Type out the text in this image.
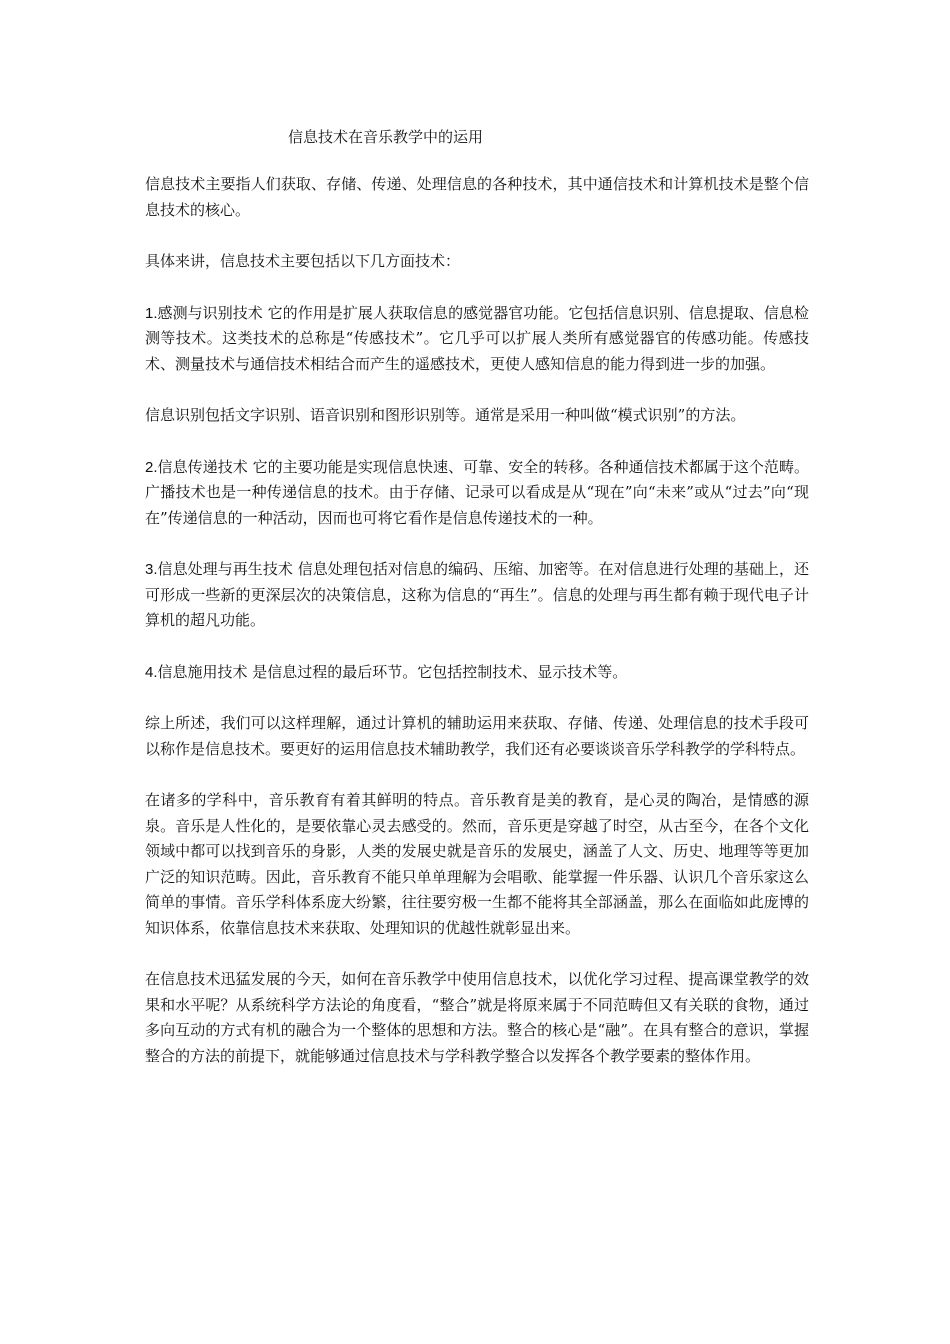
信息技术在音乐教学中的运用

信息技术主要指人们获取、存储、传递、处理信息的各种技术，其中通信技术和计算机技术是整个信息技术的核心。

具体来讲，信息技术主要包括以下几方面技术：

1.感测与识别技术 它的作用是扩展人获取信息的感觉器官功能。它包括信息识别、信息提取、信息检测等技术。这类技术的总称是“传感技术”。它几乎可以扩展人类所有感觉器官的传感功能。传感技术、测量技术与通信技术相结合而产生的遥感技术，更使人感知信息的能力得到进一步的加强。

信息识别包括文字识别、语音识别和图形识别等。通常是采用一种叫做“模式识别”的方法。

2.信息传递技术 它的主要功能是实现信息快速、可靠、安全的转移。各种通信技术都属于这个范畴。广播技术也是一种传递信息的技术。由于存储、记录可以看成是从“现在”向“未来”或从“过去”向“现在”传递信息的一种活动，因而也可将它看作是信息传递技术的一种。

3.信息处理与再生技术 信息处理包括对信息的编码、压缩、加密等。在对信息进行处理的基础上，还可形成一些新的更深层次的决策信息，这称为信息的“再生”。信息的处理与再生都有赖于现代电子计算机的超凡功能。

4.信息施用技术 是信息过程的最后环节。它包括控制技术、显示技术等。

综上所述，我们可以这样理解，通过计算机的辅助运用来获取、存储、传递、处理信息的技术手段可以称作是信息技术。要更好的运用信息技术辅助教学，我们还有必要谈谈音乐学科教学的学科特点。

在诸多的学科中，音乐教育有着其鲜明的特点。音乐教育是美的教育，是心灵的陶冶，是情感的源泉。音乐是人性化的，是要依靠心灵去感受的。然而，音乐更是穿越了时空，从古至今，在各个文化领域中都可以找到音乐的身影，人类的发展史就是音乐的发展史，涵盖了人文、历史、地理等等更加广泛的知识范畴。因此，音乐教育不能只单单理解为会唱歌、能掌握一件乐器、认识几个音乐家这么简单的事情。音乐学科体系庞大纷繁，往往要穷极一生都不能将其全部涵盖，那么在面临如此庞博的知识体系，依靠信息技术来获取、处理知识的优越性就彰显出来。

在信息技术迅猛发展的今天，如何在音乐教学中使用信息技术，以优化学习过程、提高课堂教学的效果和水平呢？从系统科学方法论的角度看，“整合”就是将原来属于不同范畴但又有关联的食物，通过多向互动的方式有机的融合为一个整体的思想和方法。整合的核心是“融”。在具有整合的意识，掌握整合的方法的前提下，就能够通过信息技术与学科教学整合以发挥各个教学要素的整体作用。
